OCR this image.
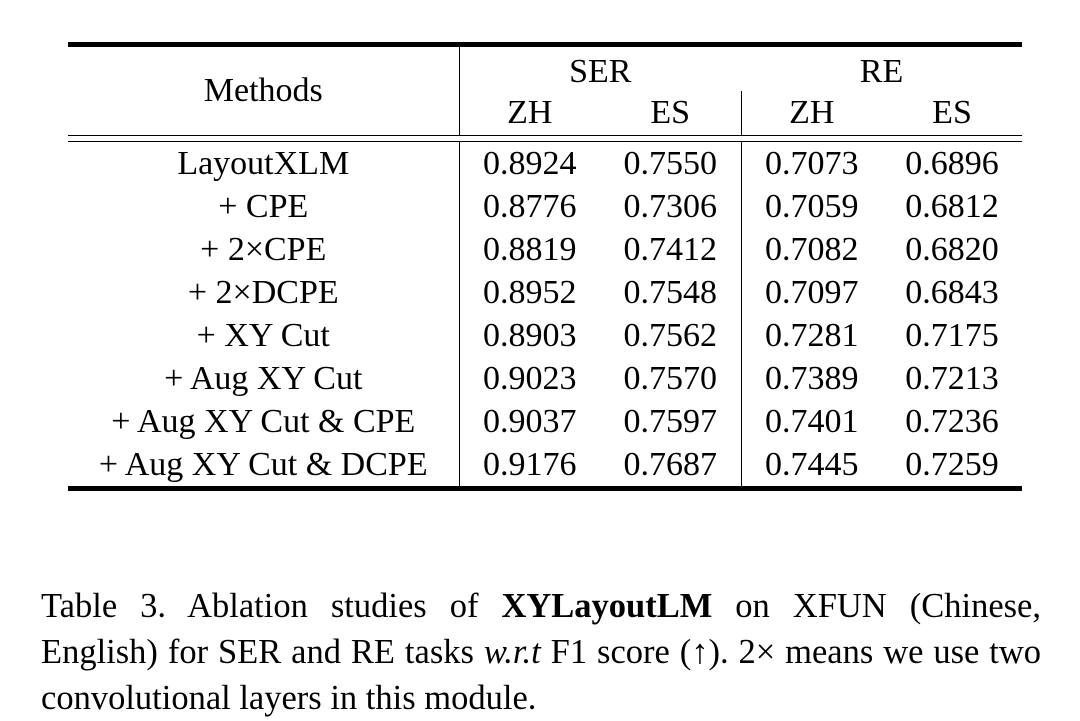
Methods	SER		RE	
	ZH	ES	ZH	ES
LayoutXLM	0.8924	0.7550	0.7073	0.6896
+ CPE	0.8776	0.7306	0.7059	0.6812
+ 2×CPE	0.8819	0.7412	0.7082	0.6820
+ 2×DCPE	0.8952	0.7548	0.7097	0.6843
+ XY Cut	0.8903	0.7562	0.7281	0.7175
+ Aug XY Cut	0.9023	0.7570	0.7389	0.7213
+ Aug XY Cut & CPE	0.9037	0.7597	0.7401	0.7236
+ Aug XY Cut & DCPE	0.9176	0.7687	0.7445	0.7259

Table 3. Ablation studies of XYLayoutLM on XFUN (Chinese, English) for SER and RE tasks w.r.t F1 score (↑). 2× means we use two convolutional layers in this module.
